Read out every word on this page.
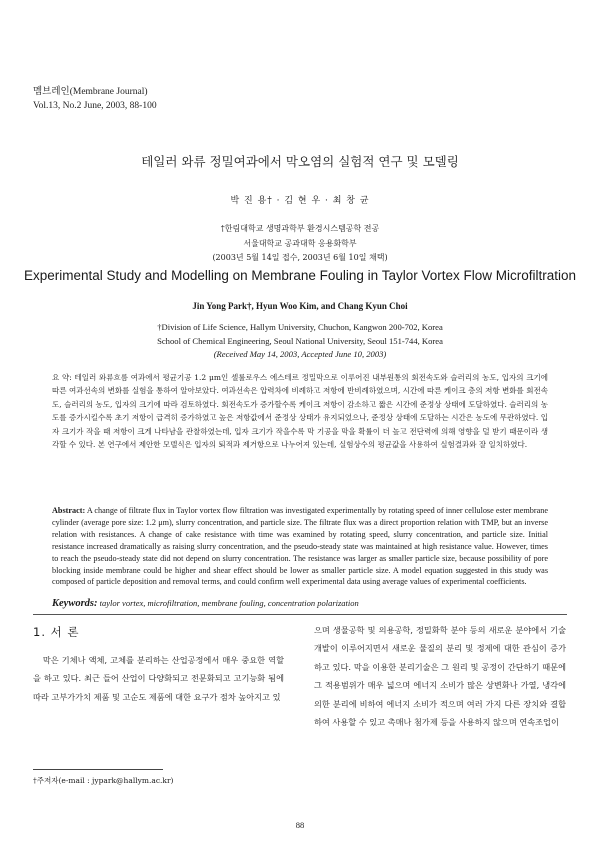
멤브레인(Membrane Journal)
Vol.13, No.2 June, 2003, 88-100
테일러 와류 정밀여과에서 막오염의 실험적 연구 및 모델링
박 진 용† · 김 현 우 · 최 창 균
†한림대학교 생명과학부 환경시스템공학 전공
서울대학교 공과대학 응용화학부
(2003년 5월 14일 접수, 2003년 6월 10일 채택)
Experimental Study and Modelling on Membrane Fouling in Taylor Vortex Flow Microfiltration
Jin Yong Park†, Hyun Woo Kim, and Chang Kyun Choi
†Division of Life Science, Hallym University, Chuchon, Kangwon 200-702, Korea
School of Chemical Engineering, Seoul National University, Seoul 151-744, Korea
(Received May 14, 2003, Accepted June 10, 2003)
요 약: 테일러 와류흐름 여과에서 평균기공 1.2 μm인 셀룰로우스 에스테르 정밀막으로 이루어진 내부원통의 회전속도와 슬러리의 농도, 입자의 크기에 따른 여과선속의 변화를 실험을 통하여 알아보았다. 여과선속은 압력차에 비례하고 저항에 반비례하였으며, 시간에 따른 케이크 층의 저항 변화를 회전속도, 슬러리의 농도, 입자의 크기에 따라 검토하였다. 회전속도가 증가할수록 케이크 저항이 감소하고 짧은 시간에 준정상 상태에 도달하였다. 슬러리의 농도를 증가시킬수록 초기 저항이 급격히 증가하였고 높은 저항값에서 준정상 상태가 유지되었으나, 준정상 상태에 도달하는 시간은 농도에 무관하였다. 입자 크기가 작을 때 저항이 크게 나타남을 관찰하였는데, 입자 크기가 작을수록 막 기공을 막을 확률이 더 높고 전단력에 의해 영향을 덜 받기 때문이라 생각할 수 있다. 본 연구에서 제안한 모델식은 입자의 퇴적과 제거항으로 나누어져 있는데, 실험상수의 평균값을 사용하여 실험결과와 잘 일치하였다.
Abstract: A change of filtrate flux in Taylor vortex flow filtration was investigated experimentally by rotating speed of inner cellulose ester membrane cylinder (average pore size: 1.2 μm), slurry concentration, and particle size. The filtrate flux was a direct proportion relation with TMP, but an inverse relation with resistances. A change of cake resistance with time was examined by rotating speed, slurry concentration, and particle size. Initial resistance increased dramatically as raising slurry concentration, and the pseudo-steady state was maintained at high resistance value. However, times to reach the pseudo-steady state did not depend on slurry concentration. The resistance was larger as smaller particle size, because possibility of pore blocking inside membrane could be higher and shear effect should be lower as smaller particle size. A model equation suggested in this study was composed of particle deposition and removal terms, and could confirm well experimental data using average values of experimental coefficients.
Keywords: taylor vortex, microfiltration, membrane fouling, concentration polarization
1. 서 론
막은 기체나 액체, 고체를 분리하는 산업공정에서 매우 중요한 역할을 하고 있다. 최근 들어 산업이 다양화되고 전문화되고 고기능화 됨에 따라 고부가가치 제품 및 고순도 제품에 대한 요구가 점차 높아지고 있
으며 생물공학 및 의용공학, 정밀화학 분야 등의 새로운 분야에서 기술개발이 이루어지면서 새로운 물질의 분리 및 정제에 대한 관심이 증가하고 있다. 막을 이용한 분리기술은 그 원리 및 공정이 간단하기 때문에 그 적용범위가 매우 넓으며 에너지 소비가 많은 상변화나 가열, 냉각에 의한 분리에 비하여 에너지 소비가 적으며 여러 가지 다른 장치와 결합하여 사용할 수 있고 촉매나 첨가제 등을 사용하지 않으며 연속조업이
†주저자(e-mail : jypark@hallym.ac.kr)
88
